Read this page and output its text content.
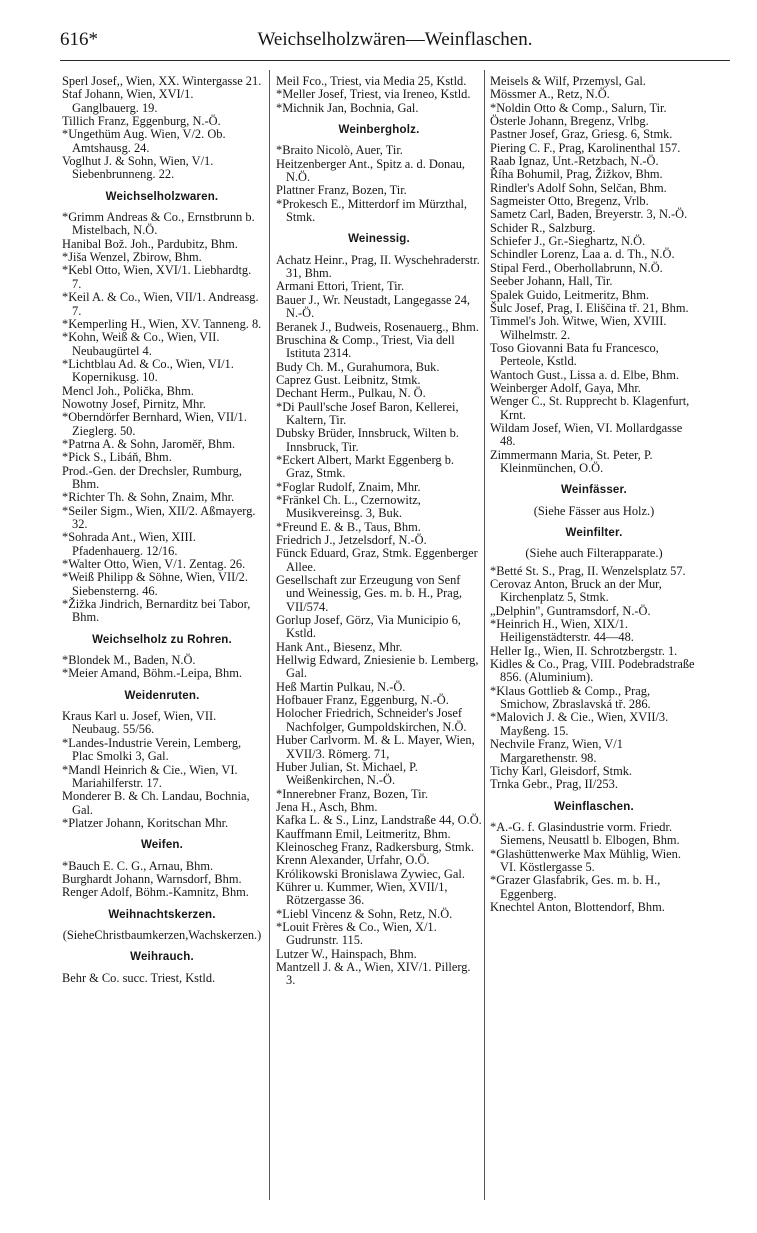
616*	Weichselholzwären—Weinflaschen.

Sperl Josef,, Wien, XX. Wintergasse 21.

Staf Johann, Wien, XVI/1. Ganglbauerg. 19.

Tillich Franz, Eggenburg, N.-Ö.

*Ungethüm Aug. Wien, V/2. Ob. Amtshausg. 24.

Voglhut J. & Sohn, Wien, V/1. Siebenbrunneng. 22.

Weichselholzwaren.

*Grimm Andreas & Co., Ernstbrunn b. Mistelbach, N.Ö.

Hanibal Bož. Joh., Pardubitz, Bhm.

*Jiša Wenzel, Zbirow, Bhm.

*Kebl Otto, Wien, XVI/1. Liebhardtg. 7.

*Keil A. & Co., Wien, VII/1. Andreasg. 7.

*Kemperling H., Wien, XV. Tanneng. 8.

*Kohn, Weiß & Co., Wien, VII. Neubaugürtel 4.

*Lichtblau Ad. & Co., Wien, VI/1. Kopernikusg. 10.

Mencl Joh., Polička, Bhm.

Nowotny Josef, Pirnitz, Mhr.

*Oberndörfer Bernhard, Wien, VII/1. Zieglerg. 50.

*Patrna A. & Sohn, Jaroměř, Bhm.

*Pick S., Libáň, Bhm.

Prod.-Gen. der Drechsler, Rumburg, Bhm.

*Richter Th. & Sohn, Znaim, Mhr.

*Seiler Sigm., Wien, XII/2. Aßmayerg. 32.

*Sohrada Ant., Wien, XIII. Pfadenhauerg. 12/16.

*Walter Otto, Wien, V/1. Zentag. 26.

*Weiß Philipp & Söhne, Wien, VII/2. Siebensterng. 46.

*Žižka Jindrich, Bernarditz bei Tabor, Bhm.

Weichselholz zu Rohren.

*Blondek M., Baden, N.Ö.

*Meier Amand, Böhm.-Leipa, Bhm.

Weidenruten.

Kraus Karl u. Josef, Wien, VII. Neubaug. 55/56.

*Landes-Industrie Verein, Lemberg, Plac Smolki 3, Gal.

*Mandl Heinrich & Cie., Wien, VI. Mariahilferstr. 17.

Monderer B. & Ch. Landau, Bochnia, Gal.

*Platzer Johann, Koritschan Mhr.

Weifen.

*Bauch E. C. G., Arnau, Bhm.

Burghardt Johann, Warnsdorf, Bhm.

Renger Adolf, Böhm.-Kamnitz, Bhm.

Weihnachtskerzen.

(SieheChristbaumkerzen,Wachskerzen.)

Weihrauch.

Behr & Co. succ. Triest, Kstld.

Meil Fco., Triest, via Media 25, Kstld.

*Meller Josef, Triest, via Ireneo, Kstld.

*Michnik Jan, Bochnia, Gal.

Weinbergholz.

*Braito Nicolò, Auer, Tir.

Heitzenberger Ant., Spitz a. d. Donau, N.Ö.

Plattner Franz, Bozen, Tir.

*Prokesch E., Mitterdorf im Mürzthal, Stmk.

Weinessig.

Achatz Heinr., Prag, II. Wyschehraderstr. 31, Bhm.

Armani Ettori, Trient, Tir.

Bauer J., Wr. Neustadt, Langegasse 24, N.-Ö.

Beranek J., Budweis, Rosenauerg., Bhm.

Bruschina & Comp., Triest, Via dell Istituta 2314.

Budy Ch. M., Gurahumora, Buk.

Caprez Gust. Leibnitz, Stmk.

Dechant Herm., Pulkau, N. Ö.

*Di Paull'sche Josef Baron, Kellerei, Kaltern, Tir.

Dubsky Brüder, Innsbruck, Wilten b. Innsbruck, Tir.

*Eckert Albert, Markt Eggenberg b. Graz, Stmk.

*Foglar Rudolf, Znaim, Mhr.

*Fränkel Ch. L., Czernowitz, Musikvereinsg. 3, Buk.

*Freund E. & B., Taus, Bhm.

Friedrich J., Jetzelsdorf, N.-Ö.

Fünck Eduard, Graz, Stmk. Eggenberger Allee.

Gesellschaft zur Erzeugung von Senf und Weinessig, Ges. m. b. H., Prag, VII/574.

Gorlup Josef, Görz, Via Municipio 6, Kstld.

Hank Ant., Biesenz, Mhr.

Hellwig Edward, Zniesienie b. Lemberg, Gal.

Heß Martin Pulkau, N.-Ö.

Hofbauer Franz, Eggenburg, N.-Ö.

Holocher Friedrich, Schneider's Josef Nachfolger, Gumpoldskirchen, N.Ö.

Huber Carlvorm. M. & L. Mayer, Wien, XVII/3. Römerg. 71,

Huber Julian, St. Michael, P. Weißenkirchen, N.-Ö.

*Innerebner Franz, Bozen, Tir.

Jena H., Asch, Bhm.

Kafka L. & S., Linz, Landstraße 44, O.Ö.

Kauffmann Emil, Leitmeritz, Bhm.

Kleinoscheg Franz, Radkersburg, Stmk.

Krenn Alexander, Urfahr, O.Ö.

Królikowski Bronislawa Zywiec, Gal.

Kührer u. Kummer, Wien, XVII/1, Rötzergasse 36.

*Liebl Vincenz & Sohn, Retz, N.Ö.

*Louit Frères & Co., Wien, X/1. Gudrunstr. 115.

Lutzer W., Hainspach, Bhm.

Mantzell J. & A., Wien, XIV/1. Pillerg. 3.

Meisels & Wilf, Przemysl, Gal.

Mössmer A., Retz, N.Ö.

*Noldin Otto & Comp., Salurn, Tir.

Österle Johann, Bregenz, Vrlbg.

Pastner Josef, Graz, Griesg. 6, Stmk.

Piering C. F., Prag, Karolinenthal 157.

Raab Ignaz, Unt.-Retzbach, N.-Ö.

Říha Bohumil, Prag, Žižkov, Bhm.

Rindler's Adolf Sohn, Selčan, Bhm.

Sagmeister Otto, Bregenz, Vrlb.

Sametz Carl, Baden, Breyerstr. 3, N.-Ö.

Schider R., Salzburg.

Schiefer J., Gr.-Sieghartz, N.Ö.

Schindler Lorenz, Laa a. d. Th., N.Ö.

Stipal Ferd., Oberhollabrunn, N.Ö.

Seeber Johann, Hall, Tir.

Spalek Guido, Leitmeritz, Bhm.

Šulc Josef, Prag, I. Eliščina tř. 21, Bhm.

Timmel's Joh. Witwe, Wien, XVIII. Wilhelmstr. 2.

Toso Giovanni Bata fu Francesco, Perteole, Kstld.

Wantoch Gust., Lissa a. d. Elbe, Bhm.

Weinberger Adolf, Gaya, Mhr.

Wenger C., St. Rupprecht b. Klagenfurt, Krnt.

Wildam Josef, Wien, VI. Mollardgasse 48.

Zimmermann Maria, St. Peter, P. Kleinmünchen, O.Ö.

Weinfässer.

(Siehe Fässer aus Holz.)

Weinfilter.

(Siehe auch Filterapparate.)

*Betté St. S., Prag, II. Wenzelsplatz 57.

Cerovaz Anton, Bruck an der Mur, Kirchenplatz 5, Stmk.

„Delphin", Guntramsdorf, N.-Ö.

*Heinrich H., Wien, XIX/1. Heiligenstädterstr. 44—48.

Heller Ig., Wien, II. Schrotzbergstr. 1.

Kidles & Co., Prag, VIII. Podebradstraße 856. (Aluminium).

*Klaus Gottlieb & Comp., Prag, Smichow, Zbraslavská tř. 286.

*Malovich J. & Cie., Wien, XVII/3. Mayßeng. 15.

Nechvile Franz, Wien, V/1 Margarethenstr. 98.

Tichy Karl, Gleisdorf, Stmk.

Trnka Gebr., Prag, II/253.

Weinflaschen.

*A.-G. f. Glasindustrie vorm. Friedr. Siemens, Neusattl b. Elbogen, Bhm.

*Glashüttenwerke Max Mühlig, Wien. VI. Köstlergasse 5.

*Grazer Glasfabrik, Ges. m. b. H., Eggenberg.

Knechtel Anton, Blottendorf, Bhm.
